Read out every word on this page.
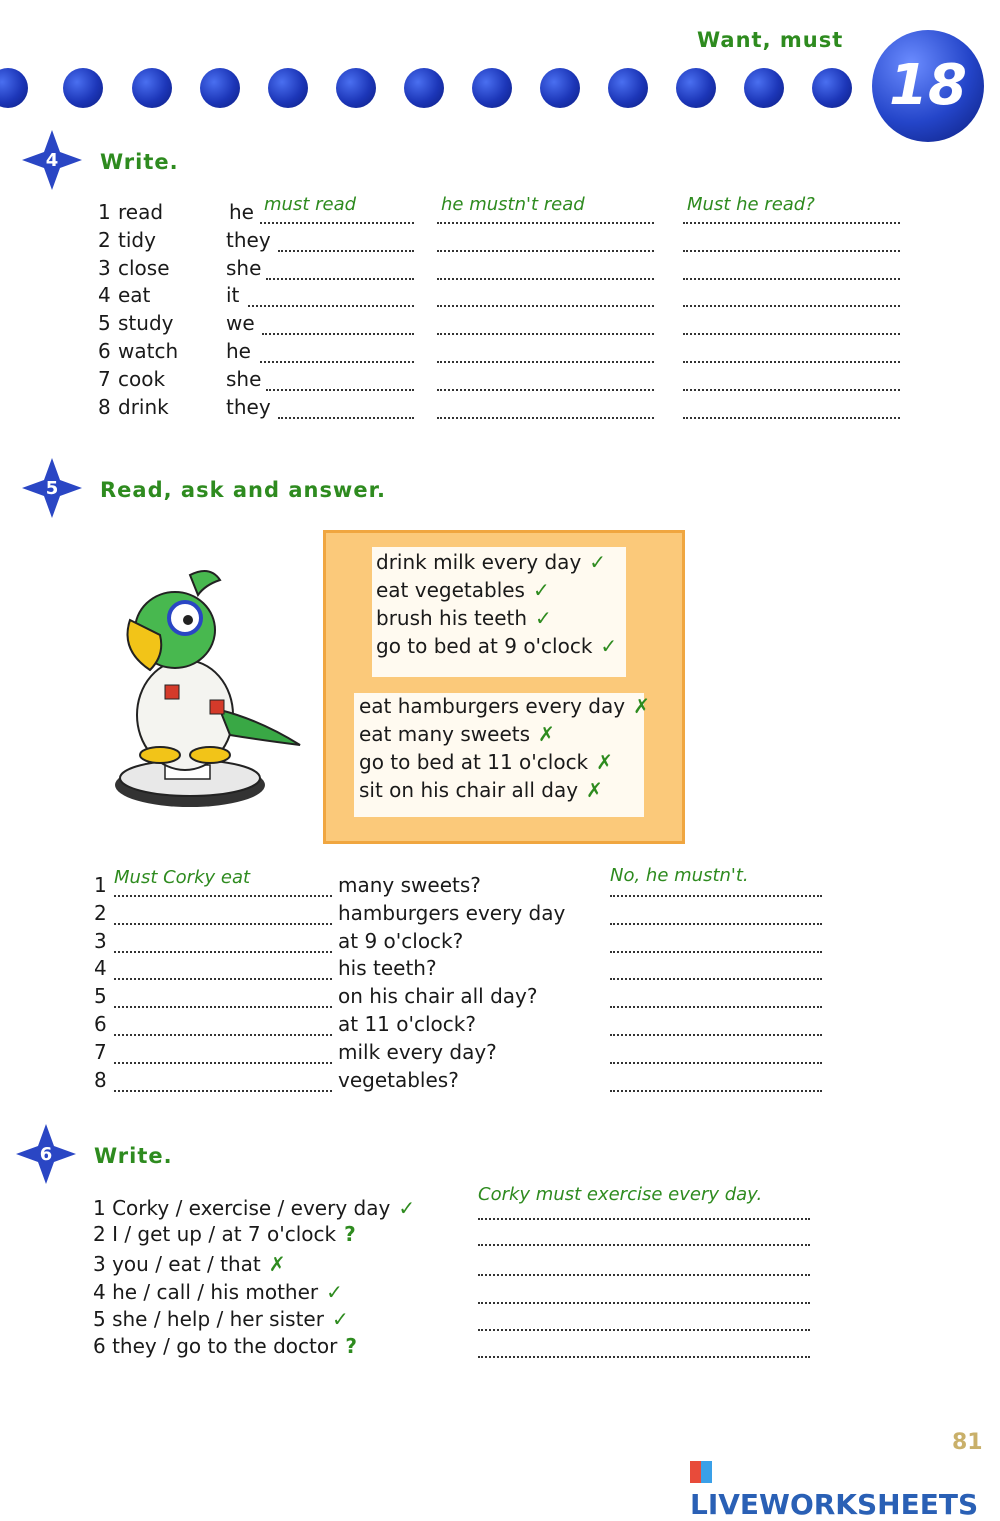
Want, must
18
4 Write.
1 read	he must read	he mustn't read	Must he read?
2 tidy	they
3 close	she
4 eat	it
5 study	we
6 watch he
7 cook	she
8 drink	they
5 Read, ask and answer.
drink milk every day ✓
eat vegetables ✓
brush his teeth ✓
go to bed at 9 o'clock ✓
eat hamburgers every day ✗
eat many sweets ✗
go to bed at 11 o'clock ✗
sit on his chair all day ✗
1 Must Corky eat	many sweets?	No, he mustn't.
2	hamburgers every day
3	at 9 o'clock?
4	his teeth?
5	on his chair all day?
6	at 11 o'clock?
7	milk every day?
8	vegetables?
6 Write.
1 Corky / exercise / every day ✓
Corky must exercise every day.
2 I / get up / at 7 o'clock ?
3 you / eat / that ✗
4 he / call / his mother ✓
5 she / help / her sister ✓
6 they / go to the doctor ?
81
LIVEWORKSHEETS
